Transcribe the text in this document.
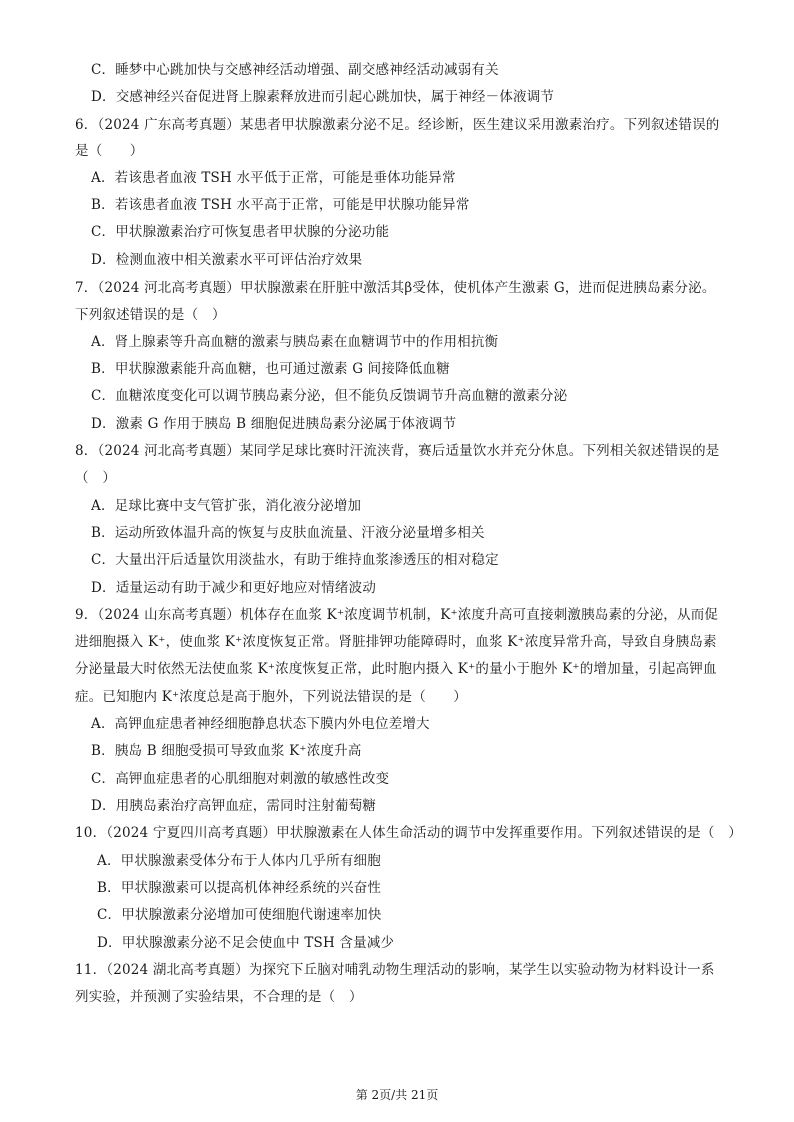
C．睡梦中心跳加快与交感神经活动增强、副交感神经活动减弱有关
D．交感神经兴奋促进肾上腺素释放进而引起心跳加快，属于神经－体液调节
6．（2024 广东高考真题）某患者甲状腺激素分泌不足。经诊断，医生建议采用激素治疗。下列叙述错误的
是（　　）
A．若该患者血液 TSH 水平低于正常，可能是垂体功能异常
B．若该患者血液 TSH 水平高于正常，可能是甲状腺功能异常
C．甲状腺激素治疗可恢复患者甲状腺的分泌功能
D．检测血液中相关激素水平可评估治疗效果
7．（2024 河北高考真题）甲状腺激素在肝脏中激活其β受体，使机体产生激素 G，进而促进胰岛素分泌。
下列叙述错误的是（　）
A．肾上腺素等升高血糖的激素与胰岛素在血糖调节中的作用相抗衡
B．甲状腺激素能升高血糖，也可通过激素 G 间接降低血糖
C．血糖浓度变化可以调节胰岛素分泌，但不能负反馈调节升高血糖的激素分泌
D．激素 G 作用于胰岛 B 细胞促进胰岛素分泌属于体液调节
8．（2024 河北高考真题）某同学足球比赛时汗流浃背，赛后适量饮水并充分休息。下列相关叙述错误的是
（　）
A．足球比赛中支气管扩张，消化液分泌增加
B．运动所致体温升高的恢复与皮肤血流量、汗液分泌量增多相关
C．大量出汗后适量饮用淡盐水，有助于维持血浆渗透压的相对稳定
D．适量运动有助于减少和更好地应对情绪波动
9．（2024 山东高考真题）机体存在血浆 K⁺浓度调节机制，K⁺浓度升高可直接刺激胰岛素的分泌，从而促
进细胞摄入 K⁺，使血浆 K⁺浓度恢复正常。肾脏排钾功能障碍时，血浆 K⁺浓度异常升高，导致自身胰岛素
分泌量最大时依然无法使血浆 K⁺浓度恢复正常，此时胞内摄入 K⁺的量小于胞外 K⁺的增加量，引起高钾血
症。已知胞内 K⁺浓度总是高于胞外，下列说法错误的是（　　）
A．高钾血症患者神经细胞静息状态下膜内外电位差增大
B．胰岛 B 细胞受损可导致血浆 K⁺浓度升高
C．高钾血症患者的心肌细胞对刺激的敏感性改变
D．用胰岛素治疗高钾血症，需同时注射葡萄糖
10．（2024 宁夏四川高考真题）甲状腺激素在人体生命活动的调节中发挥重要作用。下列叙述错误的是（　）
A．甲状腺激素受体分布于人体内几乎所有细胞
B．甲状腺激素可以提高机体神经系统的兴奋性
C．甲状腺激素分泌增加可使细胞代谢速率加快
D．甲状腺激素分泌不足会使血中 TSH 含量减少
11．（2024 湖北高考真题）为探究下丘脑对哺乳动物生理活动的影响，某学生以实验动物为材料设计一系
列实验，并预测了实验结果，不合理的是（　）
第 2页/共 21页
